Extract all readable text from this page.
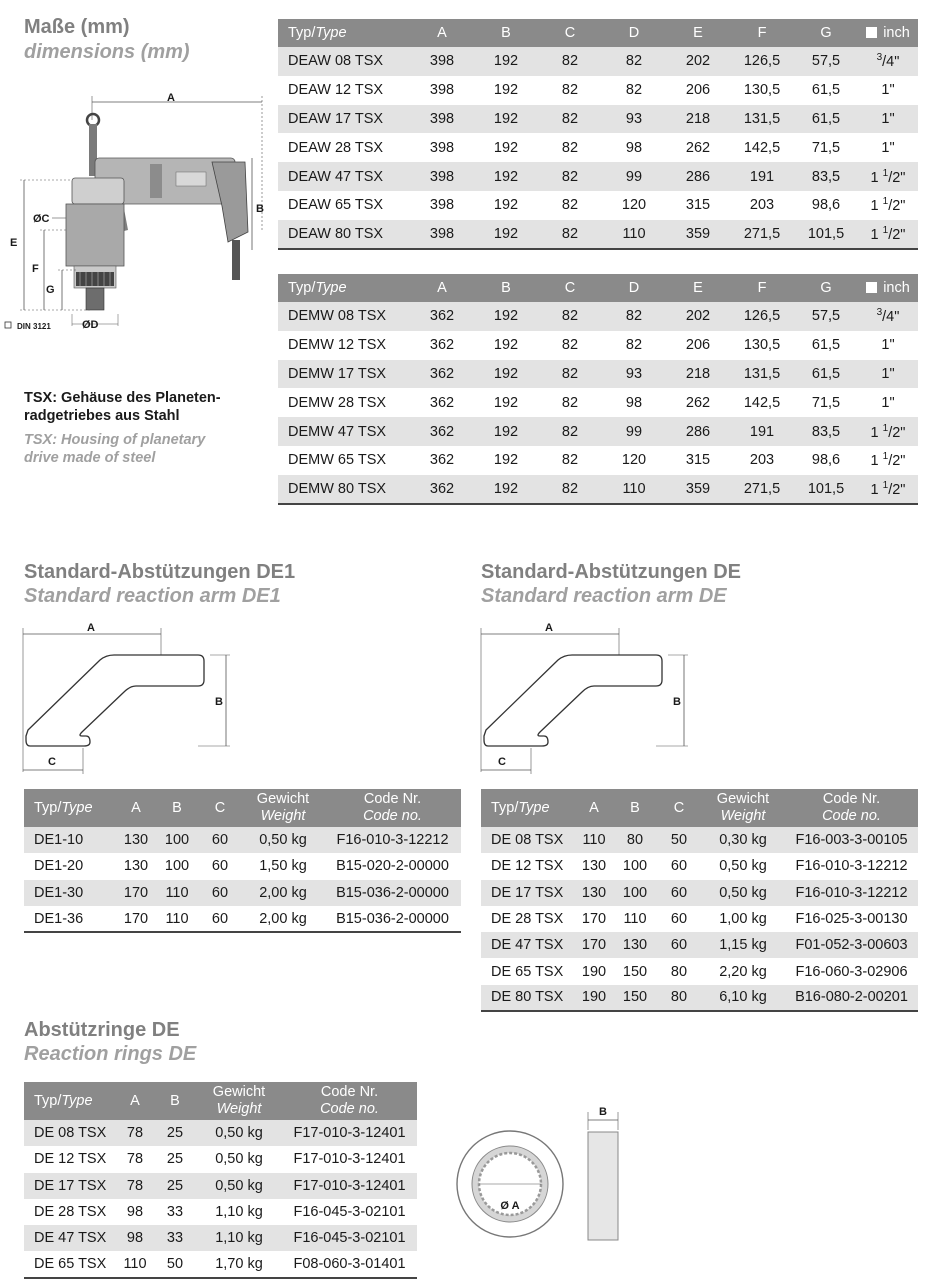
Maße (mm)
dimensions (mm)
A
B
E
F
G
ØC
ØD
DIN 3121
TSX: Gehäuse des Planeten-
radgetriebes aus Stahl
TSX: Housing of planetary
drive made of steel
Typ/Type	A	B	C	D	E	F	G	inch
DEAW 08 TSX	398	192	82	82	202	126,5	57,5	$^3$/4"
DEAW 12 TSX	398	192	82	82	206	130,5	61,5	1"
DEAW 17 TSX	398	192	82	93	218	131,5	61,5	1"
DEAW 28 TSX	398	192	82	98	262	142,5	71,5	1"
DEAW 47 TSX	398	192	82	99	286	191	83,5	1 $^1$/2"
DEAW 65 TSX	398	192	82	120	315	203	98,6	1 $^1$/2"
DEAW 80 TSX	398	192	82	110	359	271,5	101,5	1 $^1$/2"
Typ/Type	A	B	C	D	E	F	G	inch
DEMW 08 TSX	362	192	82	82	202	126,5	57,5	$^3$/4"
DEMW 12 TSX	362	192	82	82	206	130,5	61,5	1"
DEMW 17 TSX	362	192	82	93	218	131,5	61,5	1"
DEMW 28 TSX	362	192	82	98	262	142,5	71,5	1"
DEMW 47 TSX	362	192	82	99	286	191	83,5	1 $^1$/2"
DEMW 65 TSX	362	192	82	120	315	203	98,6	1 $^1$/2"
DEMW 80 TSX	362	192	82	110	359	271,5	101,5	1 $^1$/2"
Standard-Abstützungen DE1
Standard reaction arm DE1
A
B
C
Typ/Type	A	B	C	Gewicht
Weight	Code Nr.
Code no.
DE1-10	130	100	60	0,50 kg	F16-010-3-12212
DE1-20	130	100	60	1,50 kg	B15-020-2-00000
DE1-30	170	110	60	2,00 kg	B15-036-2-00000
DE1-36	170	110	60	2,00 kg	B15-036-2-00000
Standard-Abstützungen DE
Standard reaction arm DE
A
B
C
Typ/Type	A	B	C	Gewicht
Weight	Code Nr.
Code no.
DE 08 TSX	110	80	50	0,30 kg	F16-003-3-00105
DE 12 TSX	130	100	60	0,50 kg	F16-010-3-12212
DE 17 TSX	130	100	60	0,50 kg	F16-010-3-12212
DE 28 TSX	170	110	60	1,00 kg	F16-025-3-00130
DE 47 TSX	170	130	60	1,15 kg	F01-052-3-00603
DE 65 TSX	190	150	80	2,20 kg	F16-060-3-02906
DE 80 TSX	190	150	80	6,10 kg	B16-080-2-00201
Abstützringe DE
Reaction rings DE
Typ/Type	A	B	Gewicht
Weight	Code Nr.
Code no.
DE 08 TSX	78	25	0,50 kg	F17-010-3-12401
DE 12 TSX	78	25	0,50 kg	F17-010-3-12401
DE 17 TSX	78	25	0,50 kg	F17-010-3-12401
DE 28 TSX	98	33	1,10 kg	F16-045-3-02101
DE 47 TSX	98	33	1,10 kg	F16-045-3-02101
DE 65 TSX	110	50	1,70 kg	F08-060-3-01401
Ø A
B
